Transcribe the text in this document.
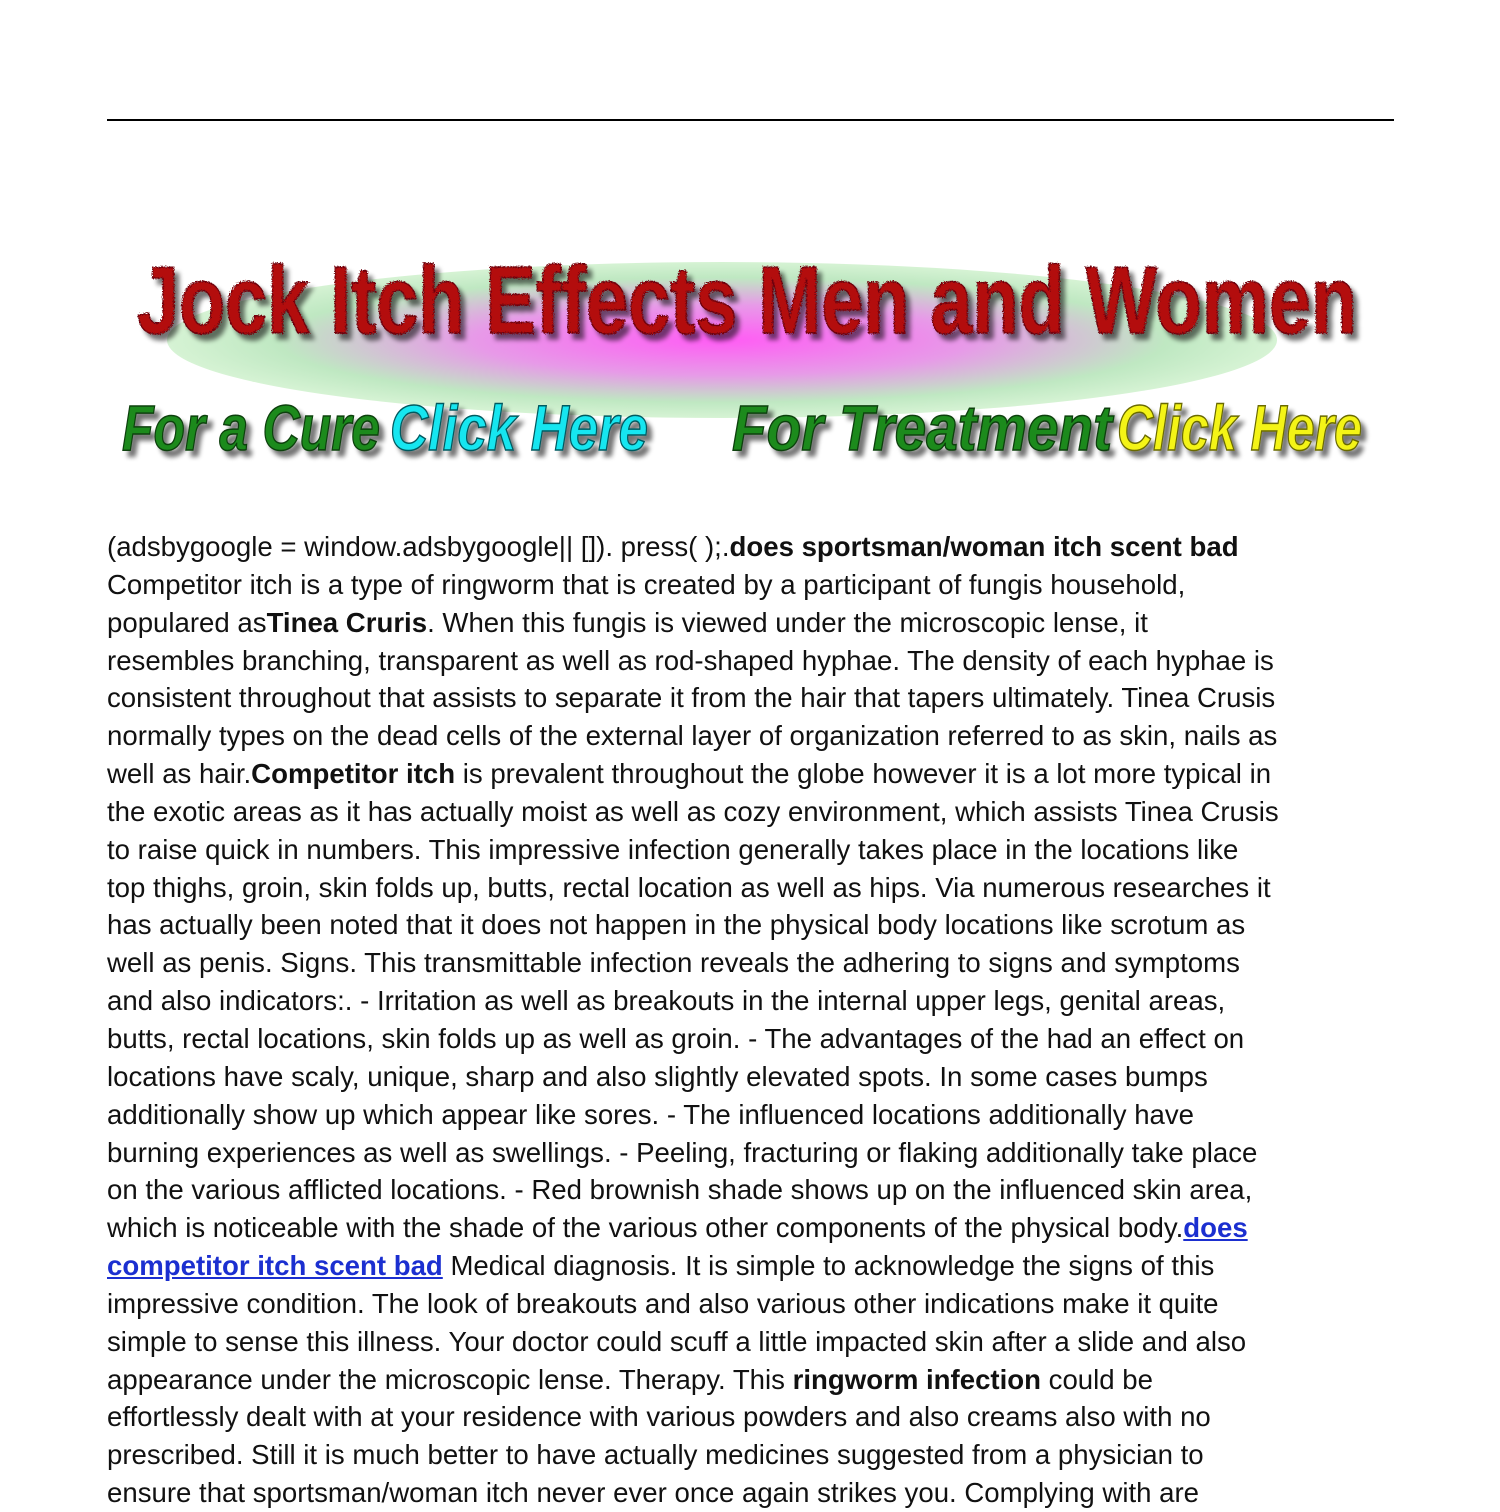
Jock Itch Effects Men and Women
For a Cure Click Here For Treatment Click Here
(adsbygoogle = window.adsbygoogle|| []). press( );.does sportsman/woman itch scent bad
Competitor itch is a type of ringworm that is created by a participant of fungis household,
populared asTinea Cruris. When this fungis is viewed under the microscopic lense, it
resembles branching, transparent as well as rod-shaped hyphae. The density of each hyphae is
consistent throughout that assists to separate it from the hair that tapers ultimately. Tinea Crusis
normally types on the dead cells of the external layer of organization referred to as skin, nails as
well as hair.Competitor itch is prevalent throughout the globe however it is a lot more typical in
the exotic areas as it has actually moist as well as cozy environment, which assists Tinea Crusis
to raise quick in numbers. This impressive infection generally takes place in the locations like
top thighs, groin, skin folds up, butts, rectal location as well as hips. Via numerous researches it
has actually been noted that it does not happen in the physical body locations like scrotum as
well as penis. Signs. This transmittable infection reveals the adhering to signs and symptoms
and also indicators:. - Irritation as well as breakouts in the internal upper legs, genital areas,
butts, rectal locations, skin folds up as well as groin. - The advantages of the had an effect on
locations have scaly, unique, sharp and also slightly elevated spots. In some cases bumps
additionally show up which appear like sores. - The influenced locations additionally have
burning experiences as well as swellings. - Peeling, fracturing or flaking additionally take place
on the various afflicted locations. - Red brownish shade shows up on the influenced skin area,
which is noticeable with the shade of the various other components of the physical body.does
competitor itch scent bad Medical diagnosis. It is simple to acknowledge the signs of this
impressive condition. The look of breakouts and also various other indications make it quite
simple to sense this illness. Your doctor could scuff a little impacted skin after a slide and also
appearance under the microscopic lense. Therapy. This ringworm infection could be
effortlessly dealt with at your residence with various powders and also creams also with no
prescribed. Still it is much better to have actually medicines suggested from a physician to
ensure that sportsman/woman itch never ever once again strikes you. Complying with are
